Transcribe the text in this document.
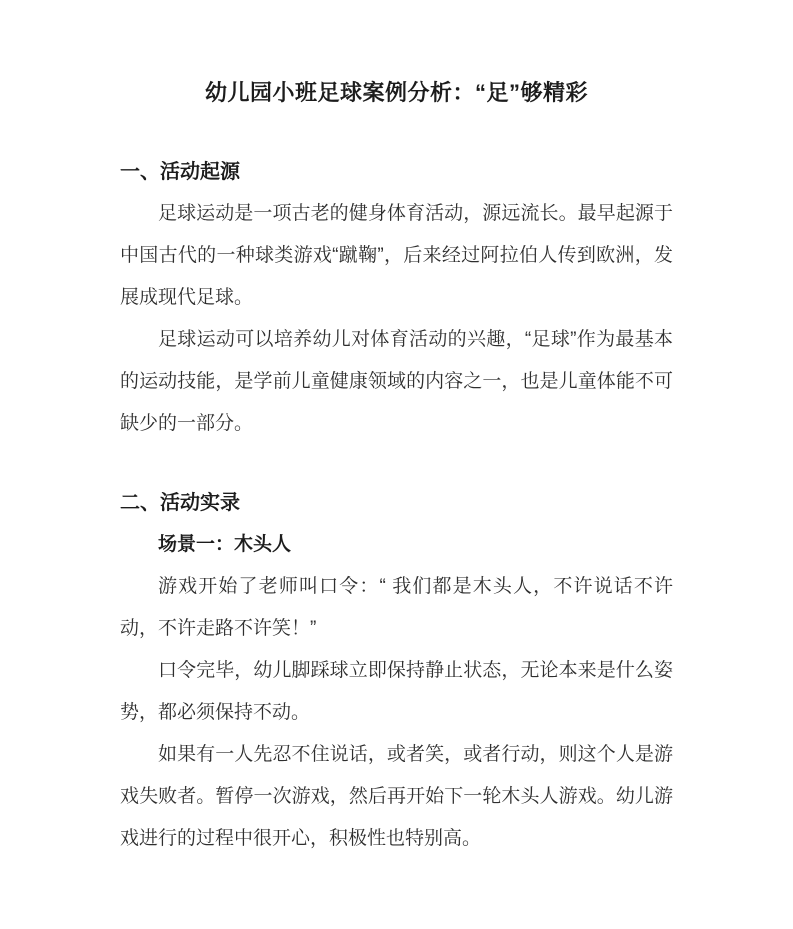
幼儿园小班足球案例分析：“足”够精彩
一、活动起源

足球运动是一项古老的健身体育活动，源远流长。最早起源于中国古代的一种球类游戏“蹴鞠”，后来经过阿拉伯人传到欧洲，发展成现代足球。

足球运动可以培养幼儿对体育活动的兴趣，“足球”作为最基本的运动技能，是学前儿童健康领域的内容之一，也是儿童体能不可缺少的一部分。

二、活动实录
场景一：木头人

游戏开始了老师叫口令：“ 我们都是木头人，不许说话不许动，不许走路不许笑！”

口令完毕，幼儿脚踩球立即保持静止状态，无论本来是什么姿势，都必须保持不动。

如果有一人先忍不住说话，或者笑，或者行动，则这个人是游戏失败者。暂停一次游戏，然后再开始下一轮木头人游戏。幼儿游戏进行的过程中很开心，积极性也特别高。
